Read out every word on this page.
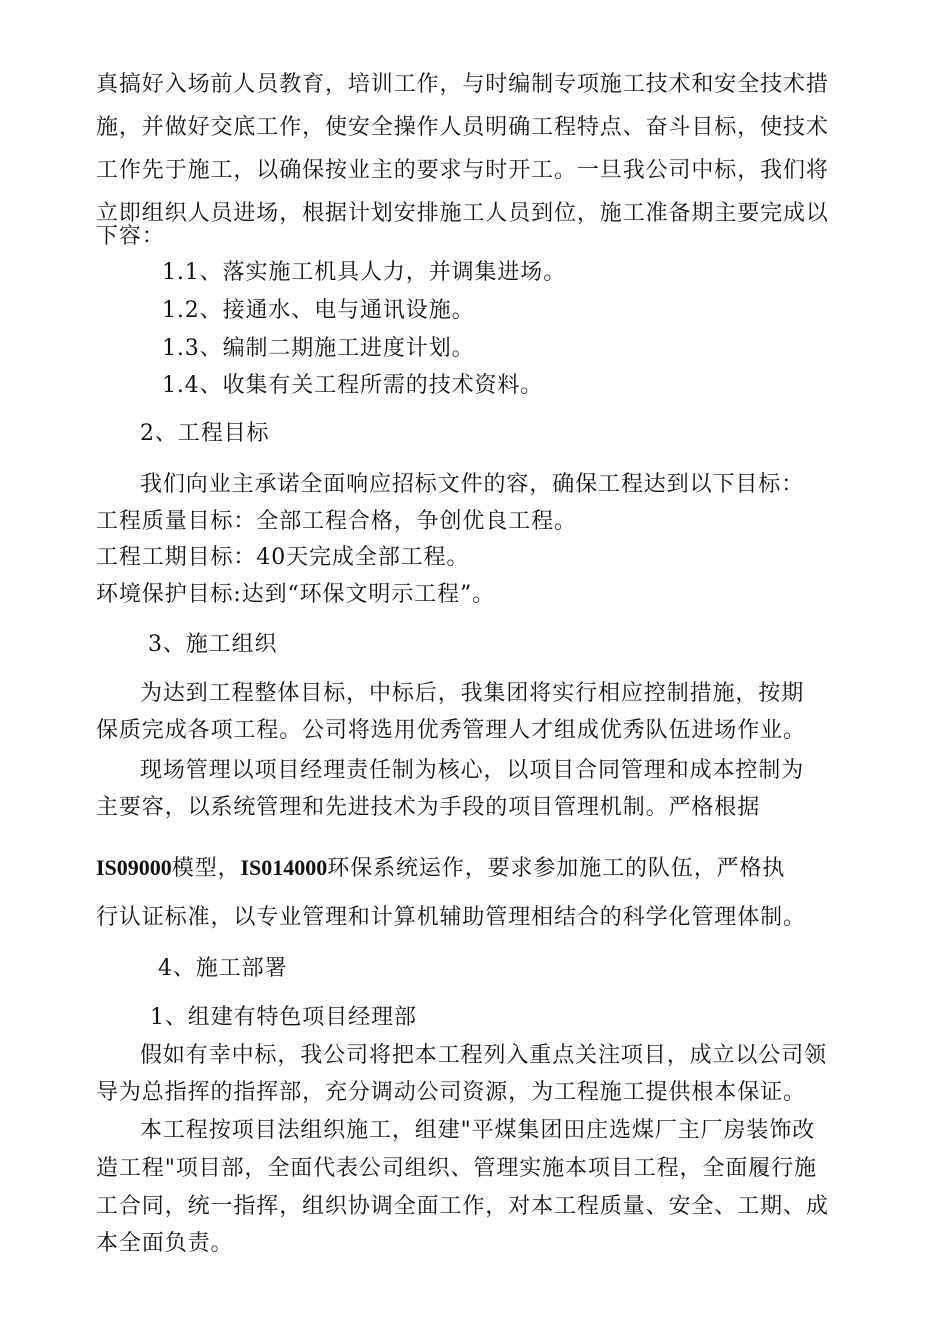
真搞好入场前人员教育，培训工作，与时编制专项施工技术和安全技术措
施，并做好交底工作，使安全操作人员明确工程特点、奋斗目标，使技术
工作先于施工，以确保按业主的要求与时开工。一旦我公司中标，我们将
立即组织人员进场，根据计划安排施工人员到位，施工准备期主要完成以
下容：
1.1、落实施工机具人力，并调集进场。
1.2、接通水、电与通讯设施。
1.3、编制二期施工进度计划。
1.4、收集有关工程所需的技术资料。
2、工程目标
我们向业主承诺全面响应招标文件的容，确保工程达到以下目标：
工程质量目标：全部工程合格，争创优良工程。
工程工期目标：40天完成全部工程。
环境保护目标:达到“环保文明示工程”。
3、施工组织
为达到工程整体目标，中标后，我集团将实行相应控制措施，按期
保质完成各项工程。公司将选用优秀管理人才组成优秀队伍进场作业。
现场管理以项目经理责任制为核心，以项目合同管理和成本控制为
主要容，以系统管理和先进技术为手段的项目管理机制。严格根据
IS09000模型，IS014000环保系统运作，要求参加施工的队伍，严格执
行认证标准，以专业管理和计算机辅助管理相结合的科学化管理体制。
4、施工部署
1、组建有特色项目经理部
假如有幸中标，我公司将把本工程列入重点关注项目，成立以公司领
导为总指挥的指挥部，充分调动公司资源，为工程施工提供根本保证。
本工程按项目法组织施工，组建"平煤集团田庄选煤厂主厂房装饰改
造工程"项目部，全面代表公司组织、管理实施本项目工程，全面履行施
工合同，统一指挥，组织协调全面工作，对本工程质量、安全、工期、成
本全面负责。
